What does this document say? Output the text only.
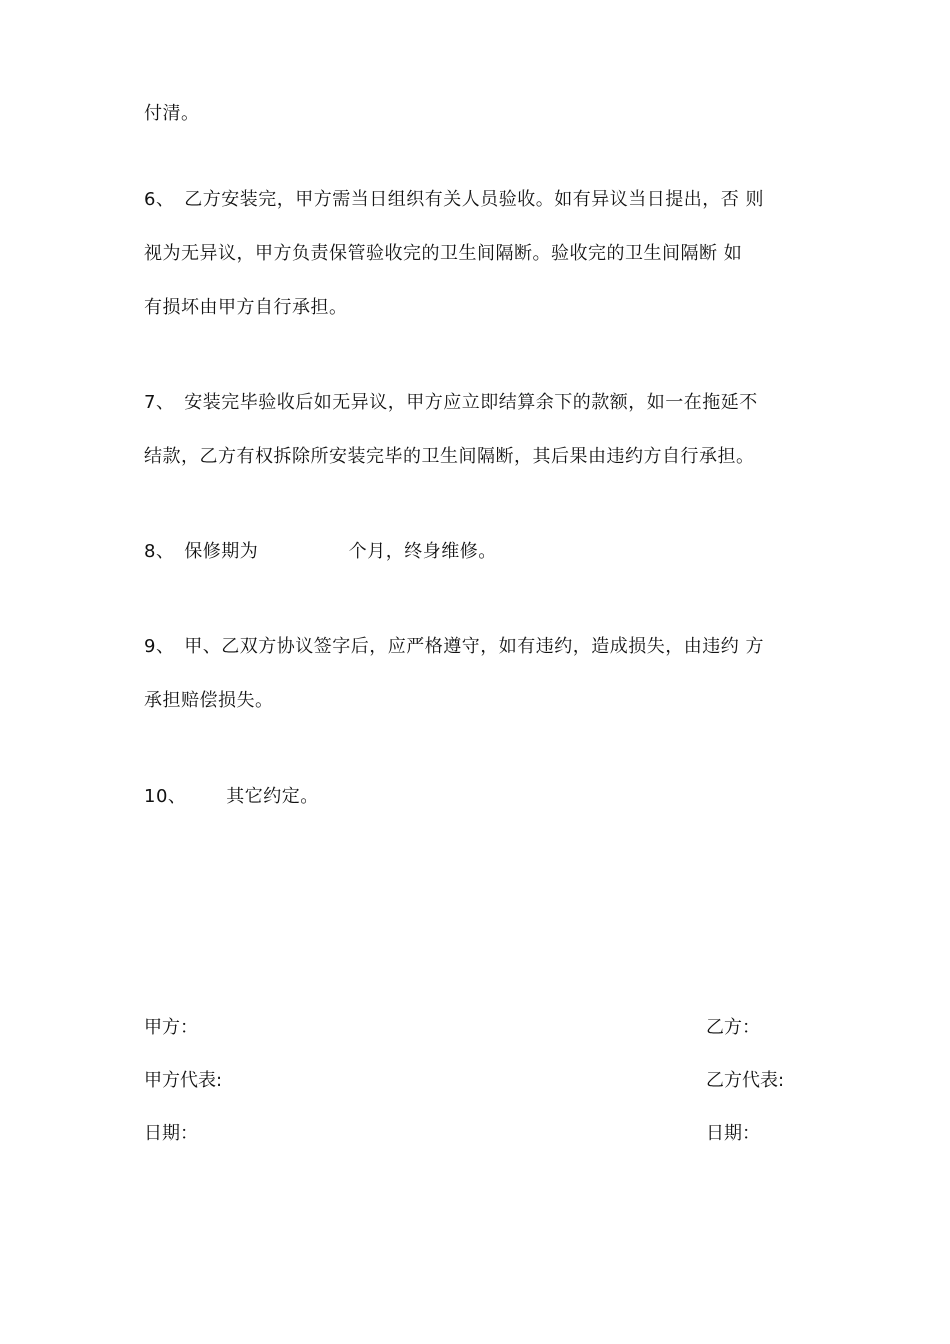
付清。
6、 乙方安装完，甲方需当日组织有关人员验收。如有异议当日提出，否 则
视为无异议，甲方负责保管验收完的卫生间隔断。验收完的卫生间隔断 如
有损坏由甲方自行承担。
7、 安装完毕验收后如无异议，甲方应立即结算余下的款额，如一在拖延不
结款，乙方有权拆除所安装完毕的卫生间隔断，其后果由违约方自行承担。
8、 保修期为	个月，终身维修。
9、 甲、乙双方协议签字后，应严格遵守，如有违约，造成损失，由违约 方
承担赔偿损失。
10、 其它约定。
甲方：
甲方代表:
日期：
乙方：
乙方代表:
日期：
